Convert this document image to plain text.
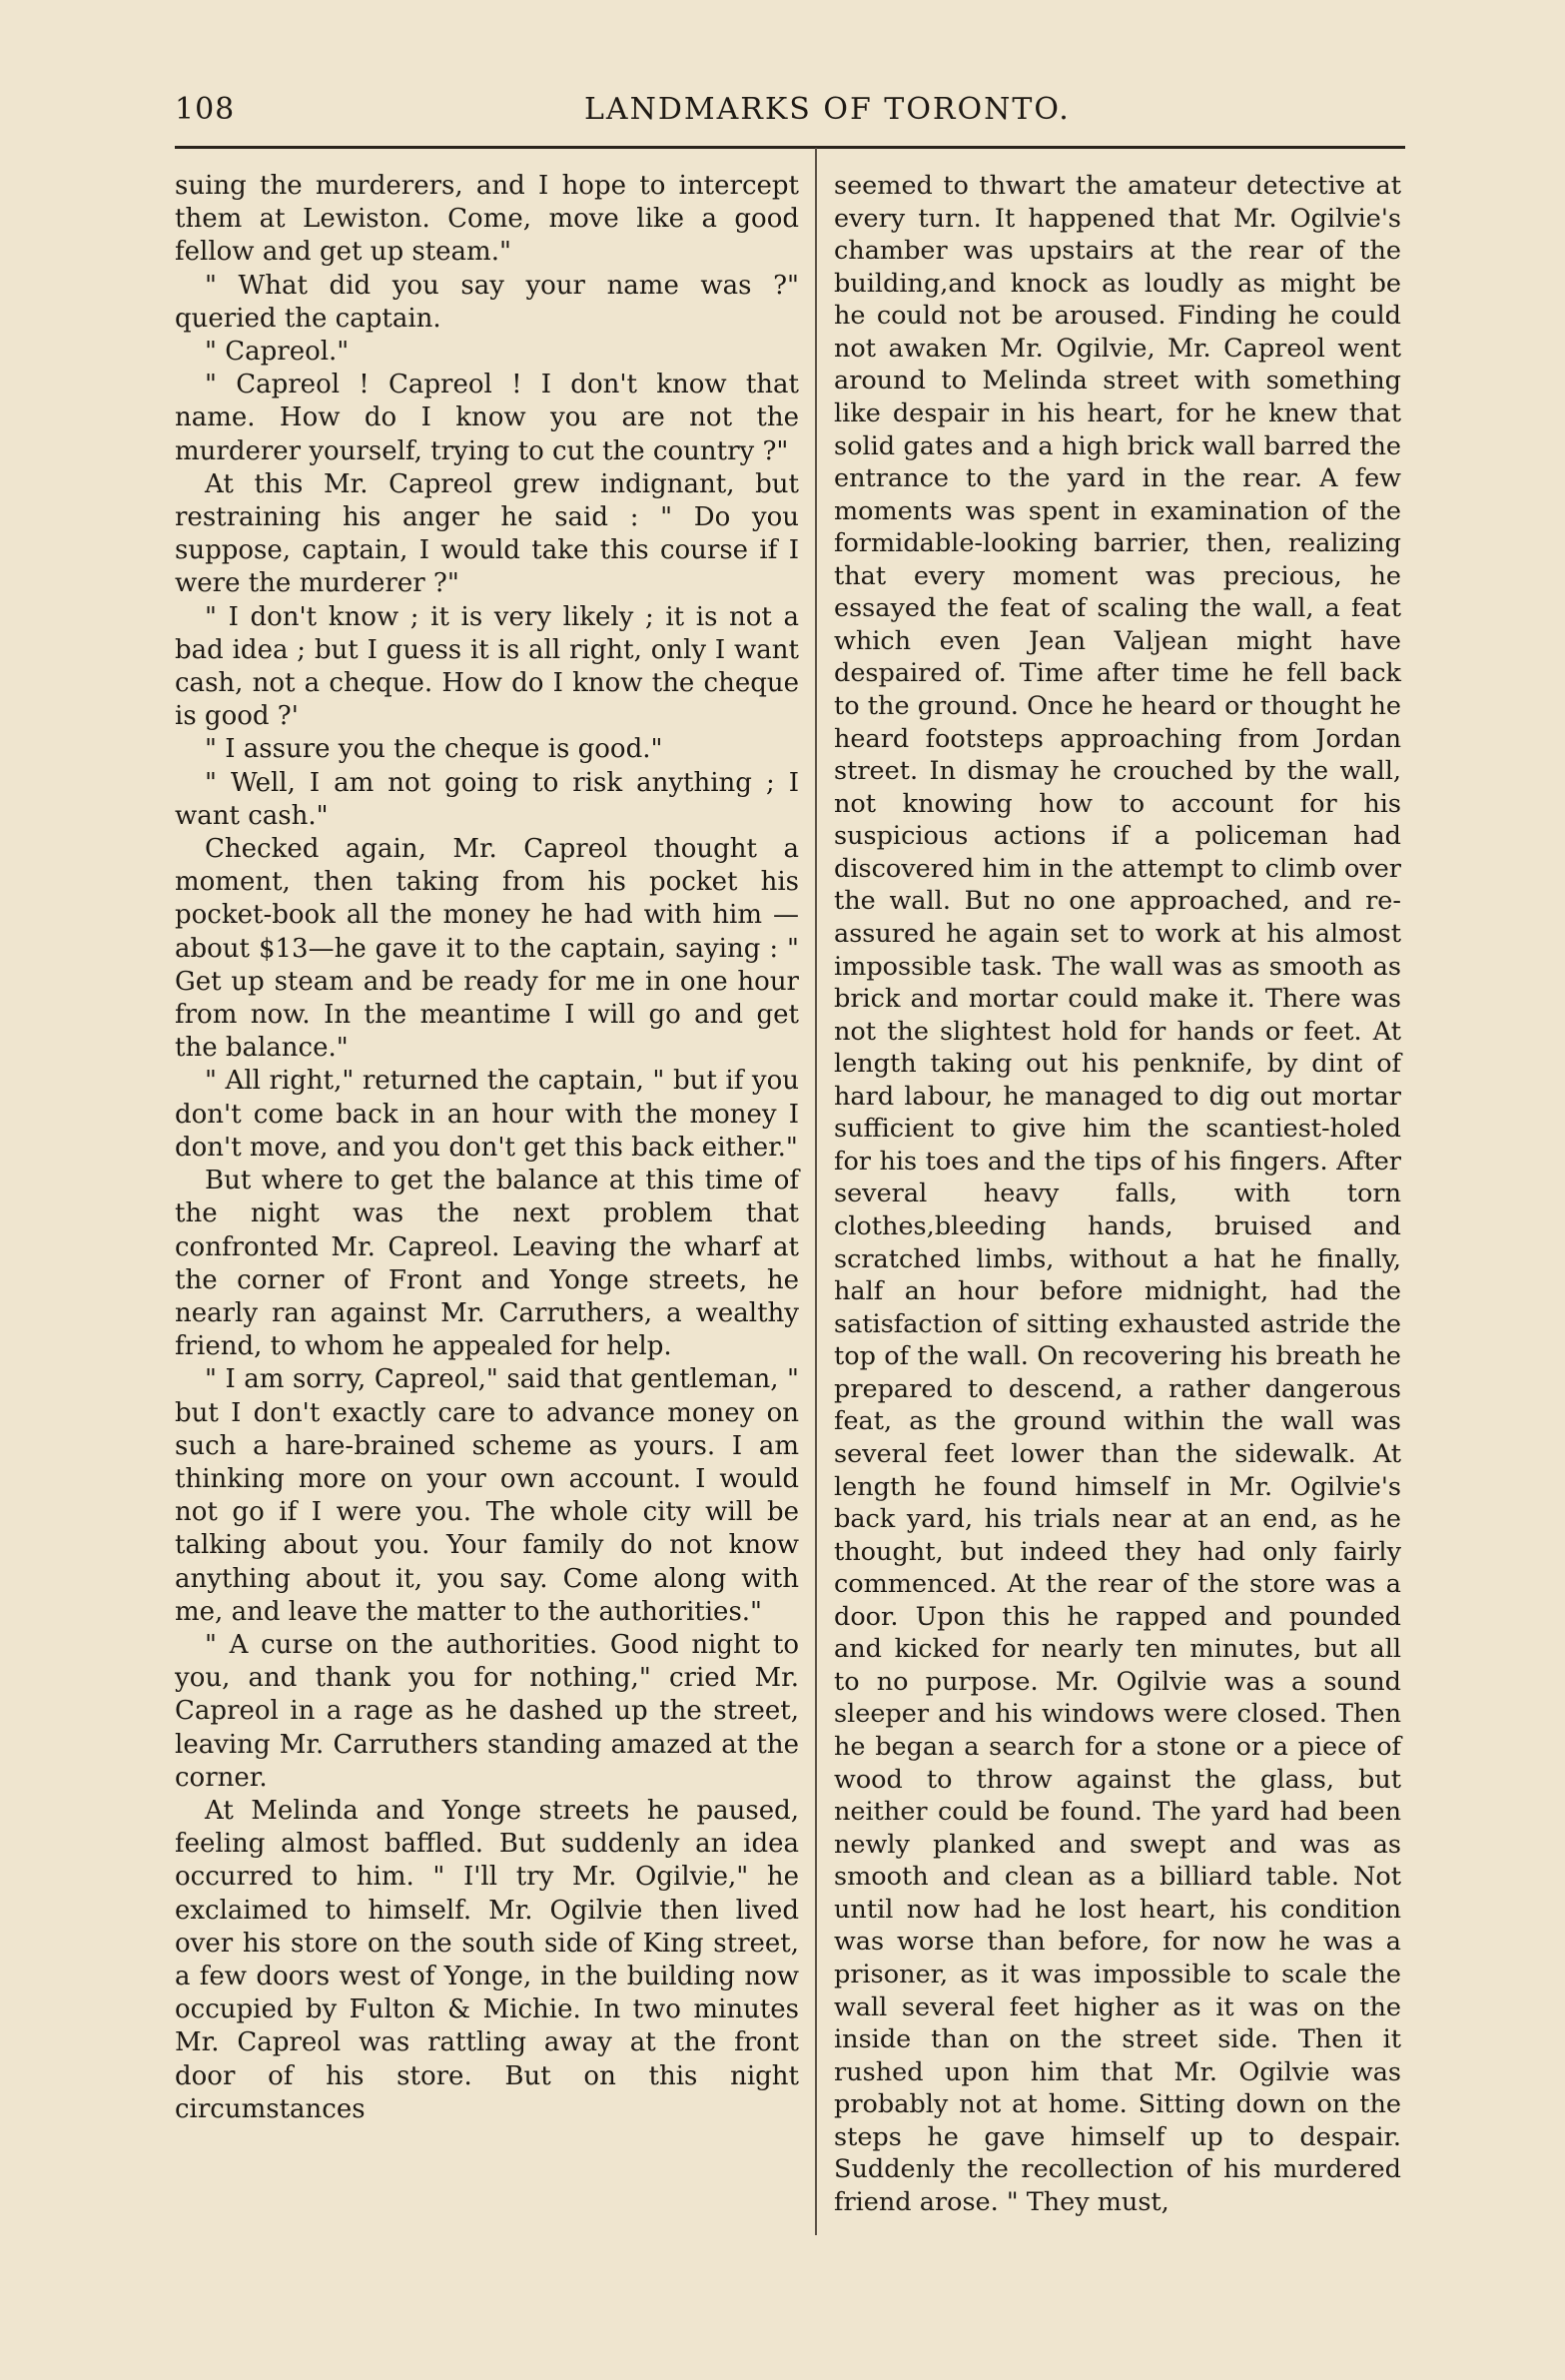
108	LANDMARKS OF TORONTO.

suing the murderers, and I hope to intercept them at Lewiston. Come, move like a good fellow and get up steam."

" What did you say your name was ?" queried the captain.

" Capreol."

" Capreol ! Capreol ! I don't know that name. How do I know you are not the murderer yourself, trying to cut the country ?"

At this Mr. Capreol grew indignant, but restraining his anger he said : " Do you suppose, captain, I would take this course if I were the murderer ?"

" I don't know ; it is very likely ; it is not a bad idea ; but I guess it is all right, only I want cash, not a cheque. How do I know the cheque is good ?'

" I assure you the cheque is good."

" Well, I am not going to risk anything ; I want cash."

Checked again, Mr. Capreol thought a moment, then taking from his pocket his pocket-book all the money he had with him —about $13—he gave it to the captain, saying : " Get up steam and be ready for me in one hour from now. In the meantime I will go and get the balance."

" All right," returned the captain, " but if you don't come back in an hour with the money I don't move, and you don't get this back either."

But where to get the balance at this time of the night was the next problem that confronted Mr. Capreol. Leaving the wharf at the corner of Front and Yonge streets, he nearly ran against Mr. Carruthers, a wealthy friend, to whom he appealed for help.

" I am sorry, Capreol," said that gentleman, " but I don't exactly care to advance money on such a hare-brained scheme as yours. I am thinking more on your own account. I would not go if I were you. The whole city will be talking about you. Your family do not know anything about it, you say. Come along with me, and leave the matter to the authorities."

" A curse on the authorities. Good night to you, and thank you for nothing," cried Mr. Capreol in a rage as he dashed up the street, leaving Mr. Carruthers standing amazed at the corner.

At Melinda and Yonge streets he paused, feeling almost baffled. But suddenly an idea occurred to him. " I'll try Mr. Ogilvie," he exclaimed to himself. Mr. Ogilvie then lived over his store on the south side of King street, a few doors west of Yonge, in the building now occupied by Fulton & Michie. In two minutes Mr. Capreol was rattling away at the front door of his store. But on this night circumstances

seemed to thwart the amateur detective at every turn. It happened that Mr. Ogilvie's chamber was upstairs at the rear of the building,and knock as loudly as might be he could not be aroused. Finding he could not awaken Mr. Ogilvie, Mr. Capreol went around to Melinda street with something like despair in his heart, for he knew that solid gates and a high brick wall barred the entrance to the yard in the rear. A few moments was spent in examination of the formidable-looking barrier, then, realizing that every moment was precious, he essayed the feat of scaling the wall, a feat which even Jean Valjean might have despaired of. Time after time he fell back to the ground. Once he heard or thought he heard footsteps approaching from Jordan street. In dismay he crouched by the wall, not knowing how to account for his suspicious actions if a policeman had discovered him in the attempt to climb over the wall. But no one approached, and re-assured he again set to work at his almost impossible task. The wall was as smooth as brick and mortar could make it. There was not the slightest hold for hands or feet. At length taking out his penknife, by dint of hard labour, he managed to dig out mortar sufficient to give him the scantiest-holed for his toes and the tips of his fingers. After several heavy falls, with torn clothes,bleeding hands, bruised and scratched limbs, without a hat he finally, half an hour before midnight, had the satisfaction of sitting exhausted astride the top of the wall. On recovering his breath he prepared to descend, a rather dangerous feat, as the ground within the wall was several feet lower than the sidewalk. At length he found himself in Mr. Ogilvie's back yard, his trials near at an end, as he thought, but indeed they had only fairly commenced. At the rear of the store was a door. Upon this he rapped and pounded and kicked for nearly ten minutes, but all to no purpose. Mr. Ogilvie was a sound sleeper and his windows were closed. Then he began a search for a stone or a piece of wood to throw against the glass, but neither could be found. The yard had been newly planked and swept and was as smooth and clean as a billiard table. Not until now had he lost heart, his condition was worse than before, for now he was a prisoner, as it was impossible to scale the wall several feet higher as it was on the inside than on the street side. Then it rushed upon him that Mr. Ogilvie was probably not at home. Sitting down on the steps he gave himself up to despair. Suddenly the recollection of his murdered friend arose. " They must,
